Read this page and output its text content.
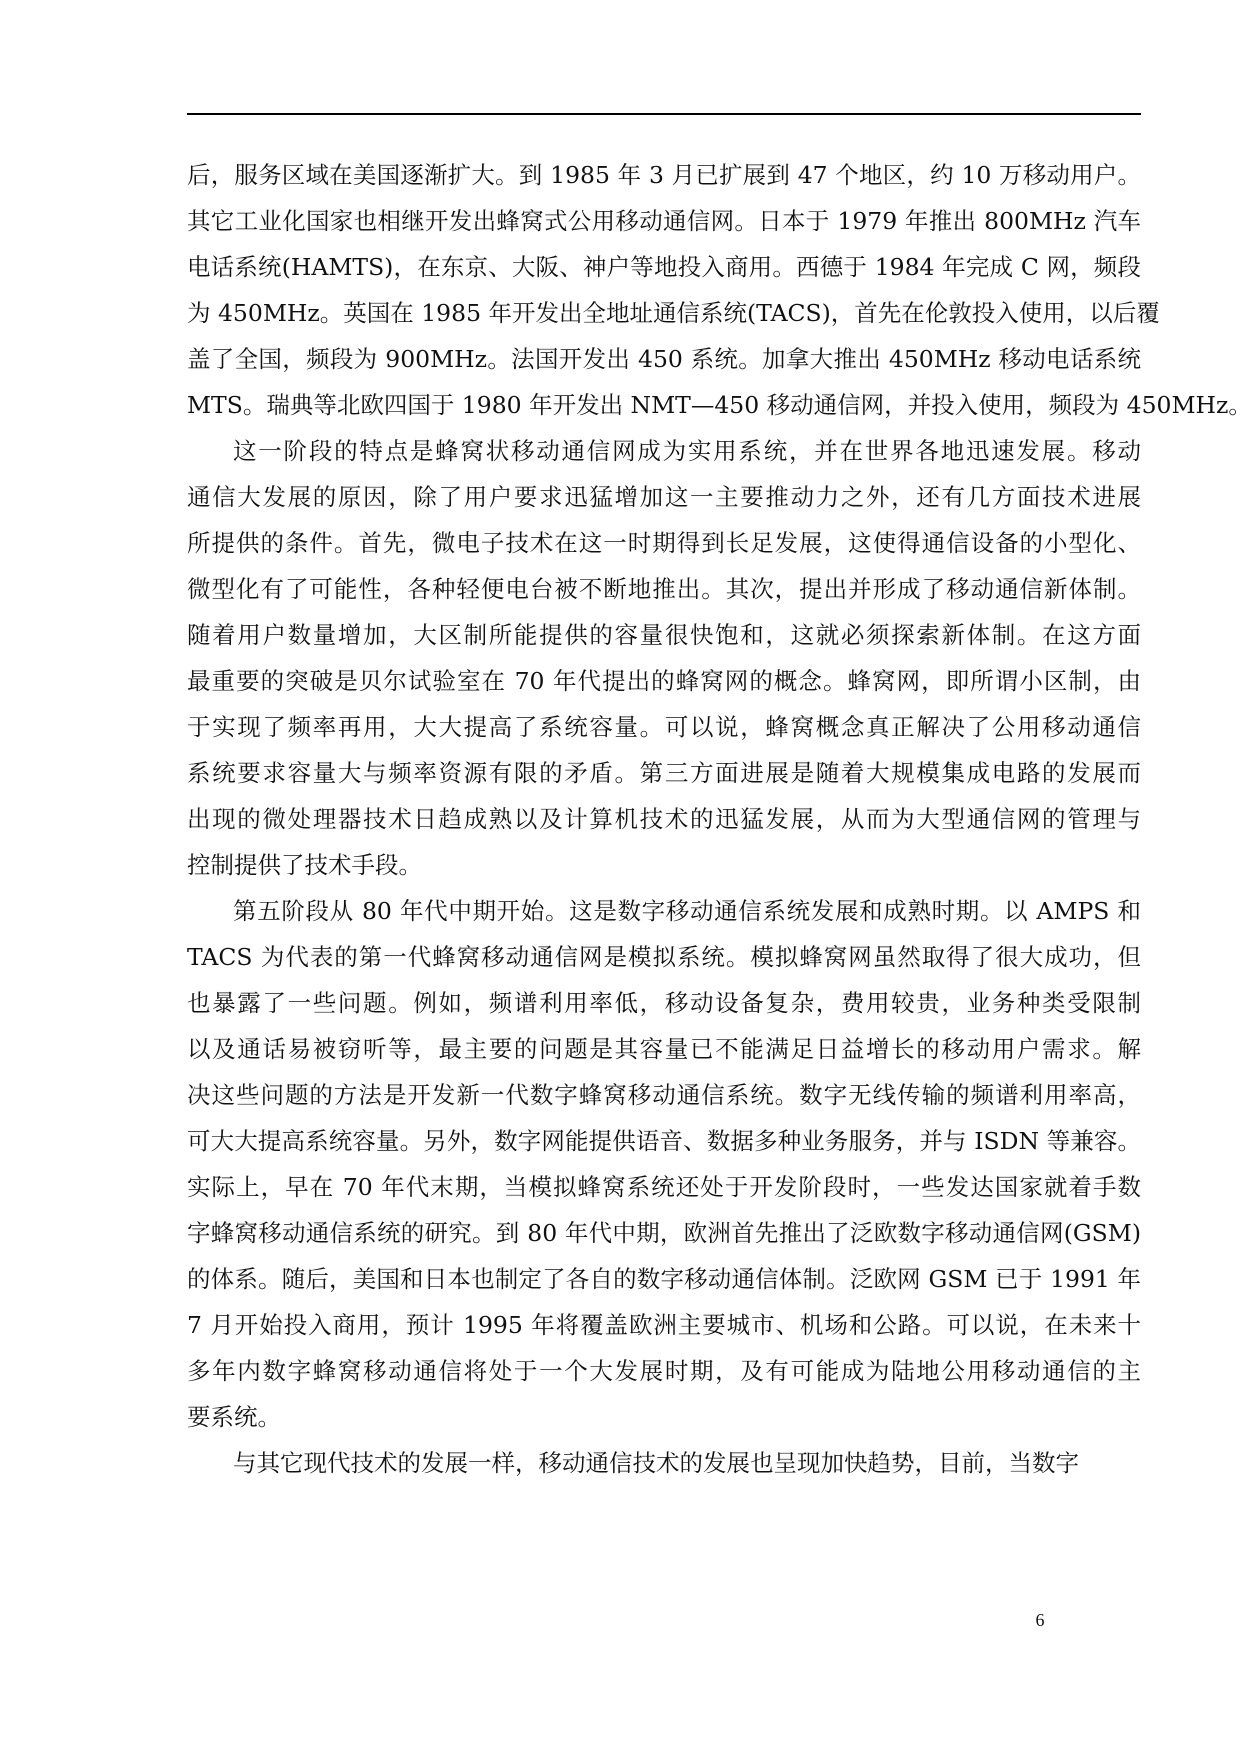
后，服务区域在美国逐渐扩大。到 1985 年 3 月已扩展到 47 个地区，约 10 万移动用户。
其它工业化国家也相继开发出蜂窝式公用移动通信网。日本于 1979 年推出 800MHz 汽车
电话系统(HAMTS)，在东京、大阪、神户等地投入商用。西德于 1984 年完成 C 网，频段
为 450MHz。英国在 1985 年开发出全地址通信系统(TACS)，首先在伦敦投入使用，以后覆
盖了全国，频段为 900MHz。法国开发出 450 系统。加拿大推出 450MHz 移动电话系统
MTS。瑞典等北欧四国于 1980 年开发出 NMT—450 移动通信网，并投入使用，频段为 450MHz。
这一阶段的特点是蜂窝状移动通信网成为实用系统，并在世界各地迅速发展。移动
通信大发展的原因，除了用户要求迅猛增加这一主要推动力之外，还有几方面技术进展
所提供的条件。首先，微电子技术在这一时期得到长足发展，这使得通信设备的小型化、
微型化有了可能性，各种轻便电台被不断地推出。其次，提出并形成了移动通信新体制。
随着用户数量增加，大区制所能提供的容量很快饱和，这就必须探索新体制。在这方面
最重要的突破是贝尔试验室在 70 年代提出的蜂窝网的概念。蜂窝网，即所谓小区制，由
于实现了频率再用，大大提高了系统容量。可以说，蜂窝概念真正解决了公用移动通信
系统要求容量大与频率资源有限的矛盾。第三方面进展是随着大规模集成电路的发展而
出现的微处理器技术日趋成熟以及计算机技术的迅猛发展，从而为大型通信网的管理与
控制提供了技术手段。
第五阶段从 80 年代中期开始。这是数字移动通信系统发展和成熟时期。以 AMPS 和
TACS 为代表的第一代蜂窝移动通信网是模拟系统。模拟蜂窝网虽然取得了很大成功，但
也暴露了一些问题。例如，频谱利用率低，移动设备复杂，费用较贵，业务种类受限制
以及通话易被窃听等，最主要的问题是其容量已不能满足日益增长的移动用户需求。解
决这些问题的方法是开发新一代数字蜂窝移动通信系统。数字无线传输的频谱利用率高，
可大大提高系统容量。另外，数字网能提供语音、数据多种业务服务，并与 ISDN 等兼容。
实际上，早在 70 年代末期，当模拟蜂窝系统还处于开发阶段时，一些发达国家就着手数
字蜂窝移动通信系统的研究。到 80 年代中期，欧洲首先推出了泛欧数字移动通信网(GSM)
的体系。随后，美国和日本也制定了各自的数字移动通信体制。泛欧网 GSM 已于 1991 年
7 月开始投入商用，预计 1995 年将覆盖欧洲主要城市、机场和公路。可以说，在未来十
多年内数字蜂窝移动通信将处于一个大发展时期，及有可能成为陆地公用移动通信的主
要系统。
与其它现代技术的发展一样，移动通信技术的发展也呈现加快趋势，目前，当数字
6
